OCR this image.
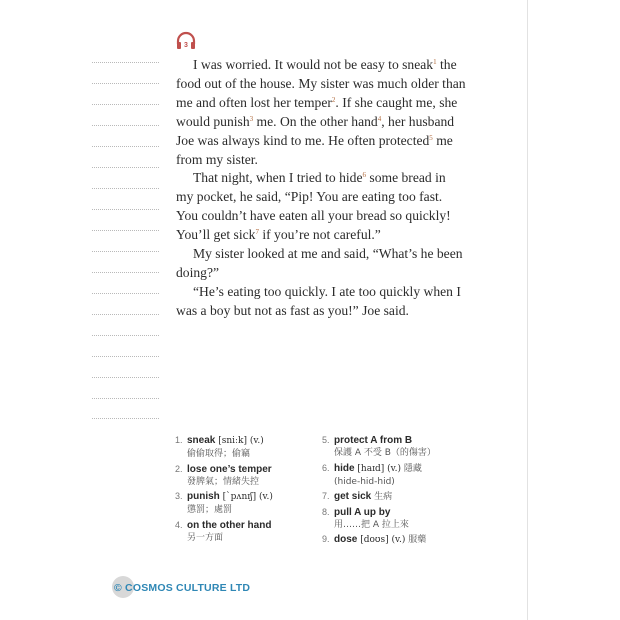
3

I was worried. It would not be easy to sneak$^1$ the food out of the house. My sister was much older than me and often lost her temper$^2$. If she caught me, she would punish$^3$ me. On the other hand$^4$, her husband Joe was always kind to me. He often protected$^5$ me from my sister.

That night, when I tried to hide$^6$ some bread in my pocket, he said, “Pip! You are eating too fast. You couldn’t have eaten all your bread so quickly! You’ll get sick$^7$ if you’re not careful.”

My sister looked at me and said, “What’s he been doing?”

“He’s eating too quickly. I ate too quickly when I was a boy but not as fast as you!” Joe said.

1. sneak [sniːk] (v.)
偷偷取得；偷竊
2. lose one’s temper
發脾氣；情緒失控
3. punish [ˋpʌnɪʃ] (v.)
懲罰；處罰
4. on the other hand
另一方面
5. protect A from B
保護 A 不受 B（的傷害）
6. hide [haɪd] (v.) 隱藏
(hide-hid-hid)
7. get sick 生病
8. pull A up by
用……把 A 拉上來
9. dose [doʊs] (v.) 服藥
© COSMOS CULTURE LTD
